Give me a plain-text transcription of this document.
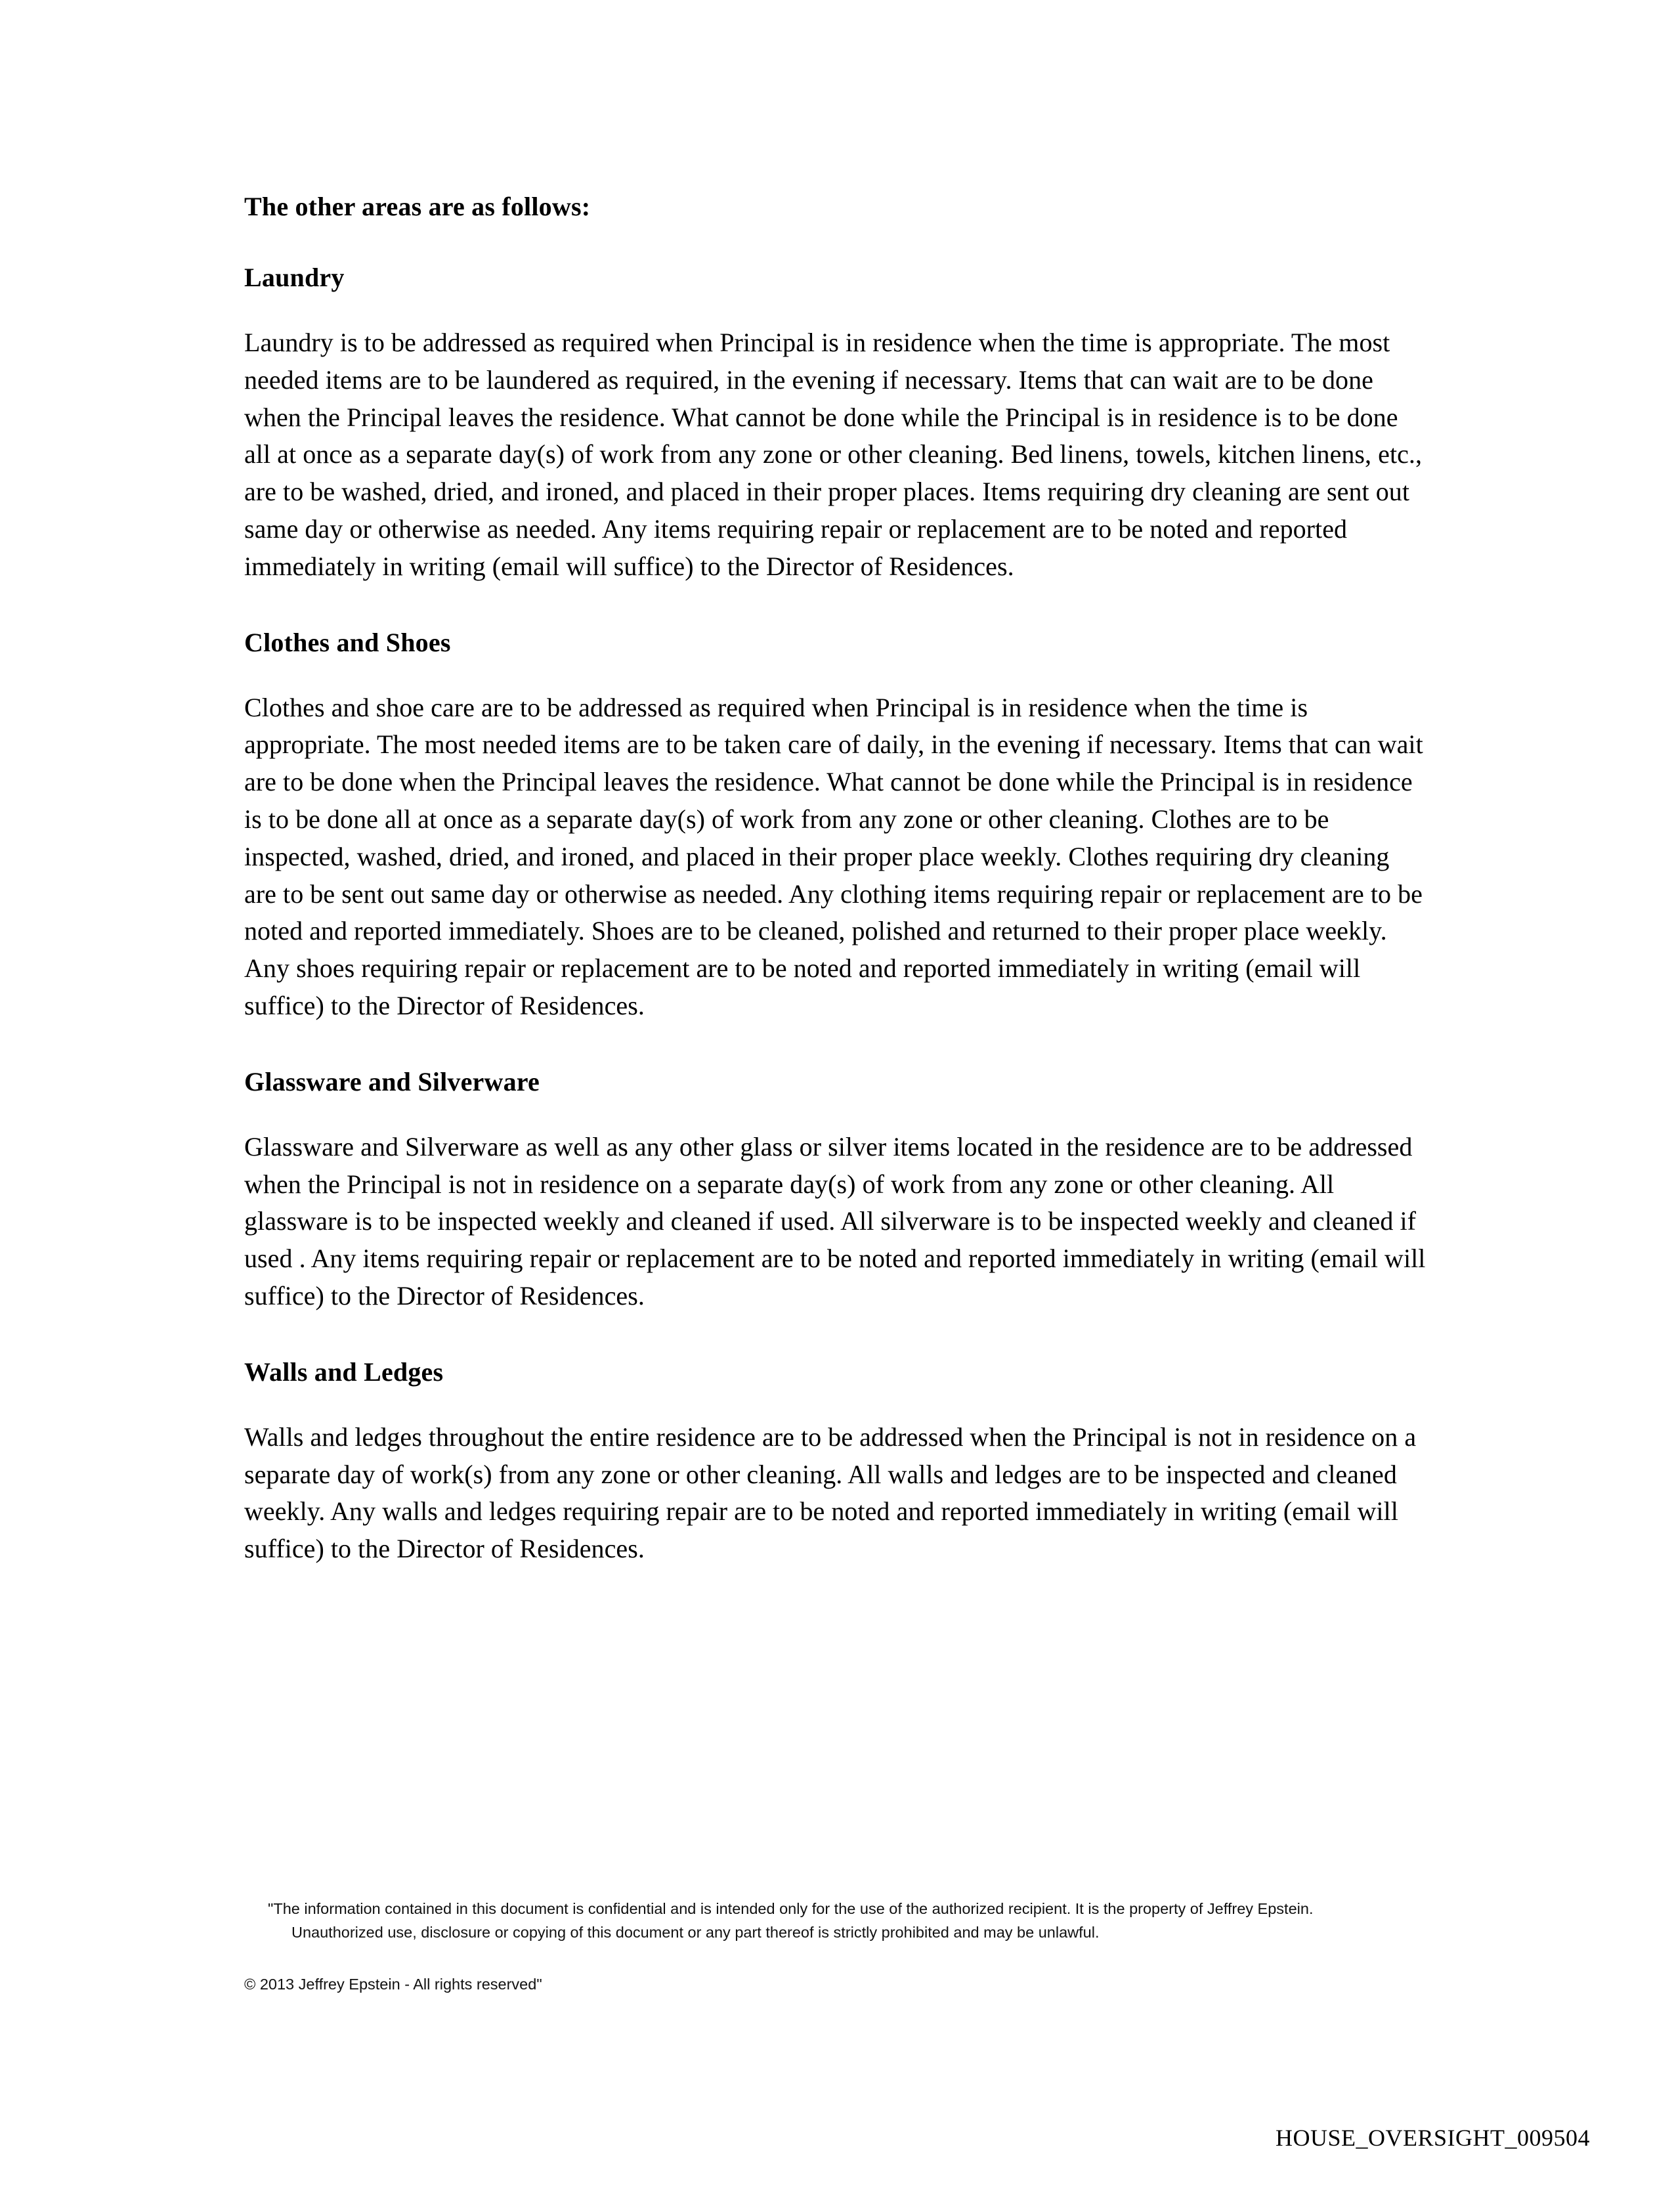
The other areas are as follows:
Laundry

Laundry is to be addressed as required when Principal is in residence when the time is appropriate. The most needed items are to be laundered as required, in the evening if necessary. Items that can wait are to be done when the Principal leaves the residence. What cannot be done while the Principal is in residence is to be done all at once as a separate day(s) of work from any zone or other cleaning. Bed linens, towels, kitchen linens, etc., are to be washed, dried, and ironed, and placed in their proper places. Items requiring dry cleaning are sent out same day or otherwise as needed. Any items requiring repair or replacement are to be noted and reported immediately in writing (email will suffice) to the Director of Residences.

Clothes and Shoes

Clothes and shoe care are to be addressed as required when Principal is in residence when the time is appropriate. The most needed items are to be taken care of daily, in the evening if necessary. Items that can wait are to be done when the Principal leaves the residence. What cannot be done while the Principal is in residence is to be done all at once as a separate day(s) of work from any zone or other cleaning. Clothes are to be inspected, washed, dried, and ironed, and placed in their proper place weekly. Clothes requiring dry cleaning are to be sent out same day or otherwise as needed. Any clothing items requiring repair or replacement are to be noted and reported immediately. Shoes are to be cleaned, polished and returned to their proper place weekly. Any shoes requiring repair or replacement are to be noted and reported immediately in writing (email will suffice) to the Director of Residences.

Glassware and Silverware

Glassware and Silverware as well as any other glass or silver items located in the residence are to be addressed when the Principal is not in residence on a separate day(s) of work from any zone or other cleaning. All glassware is to be inspected weekly and cleaned if used. All silverware is to be inspected weekly and cleaned if used . Any items requiring repair or replacement are to be noted and reported immediately in writing (email will suffice) to the Director of Residences.

Walls and Ledges

Walls and ledges throughout the entire residence are to be addressed when the Principal is not in residence on a separate day of work(s) from any zone or other cleaning. All walls and ledges are to be inspected and cleaned weekly. Any walls and ledges requiring repair are to be noted and reported immediately in writing (email will suffice) to the Director of Residences.

"The information contained in this document is confidential and is intended only for the use of the authorized recipient. It is the property of Jeffrey Epstein. Unauthorized use, disclosure or copying of this document or any part thereof is strictly prohibited and may be unlawful.

© 2013 Jeffrey Epstein - All rights reserved"

HOUSE_OVERSIGHT_009504
